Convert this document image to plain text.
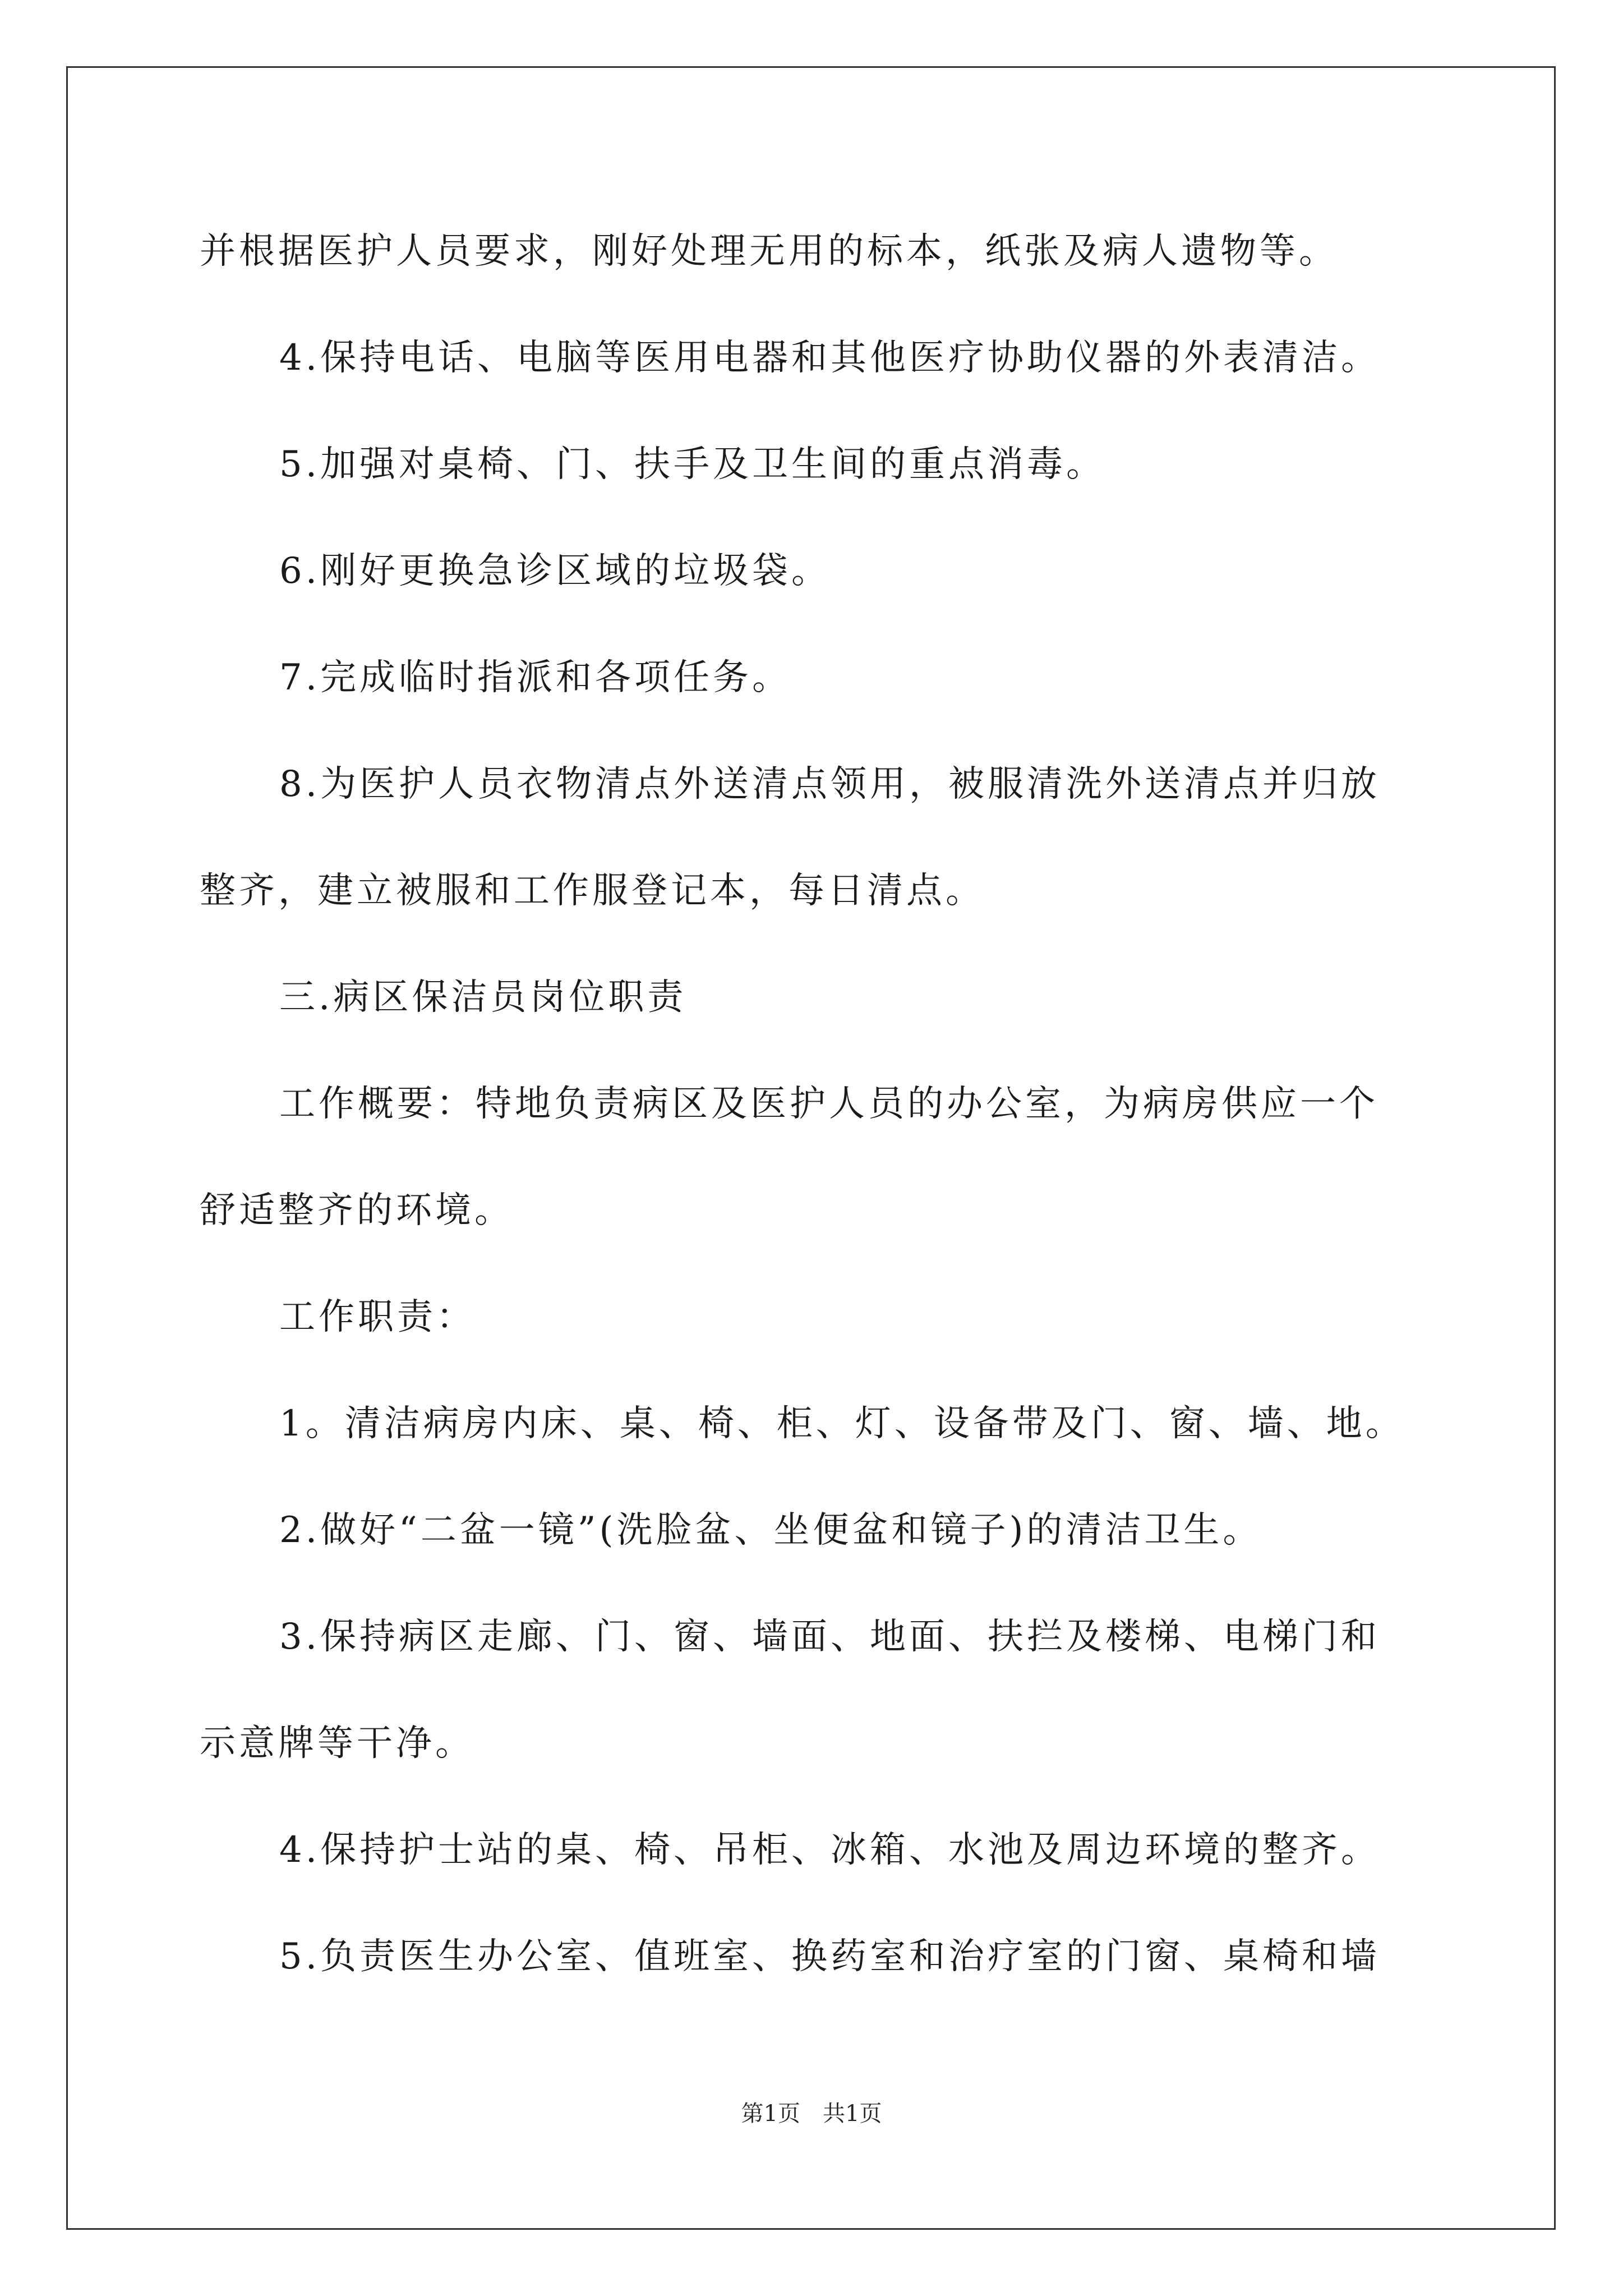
并根据医护人员要求，刚好处理无用的标本，纸张及病人遗物等。
4.保持电话、电脑等医用电器和其他医疗协助仪器的外表清洁。
5.加强对桌椅、门、扶手及卫生间的重点消毒。
6.刚好更换急诊区域的垃圾袋。
7.完成临时指派和各项任务。
8.为医护人员衣物清点外送清点领用，被服清洗外送清点并归放
整齐，建立被服和工作服登记本，每日清点。
三.病区保洁员岗位职责
工作概要：特地负责病区及医护人员的办公室，为病房供应一个
舒适整齐的环境。
工作职责：
1。清洁病房内床、桌、椅、柜、灯、设备带及门、窗、墙、地。
2.做好“二盆一镜”(洗脸盆、坐便盆和镜子)的清洁卫生。
3.保持病区走廊、门、窗、墙面、地面、扶拦及楼梯、电梯门和
示意牌等干净。
4.保持护士站的桌、椅、吊柜、冰箱、水池及周边环境的整齐。
5.负责医生办公室、值班室、换药室和治疗室的门窗、桌椅和墙
第1页　共1页
